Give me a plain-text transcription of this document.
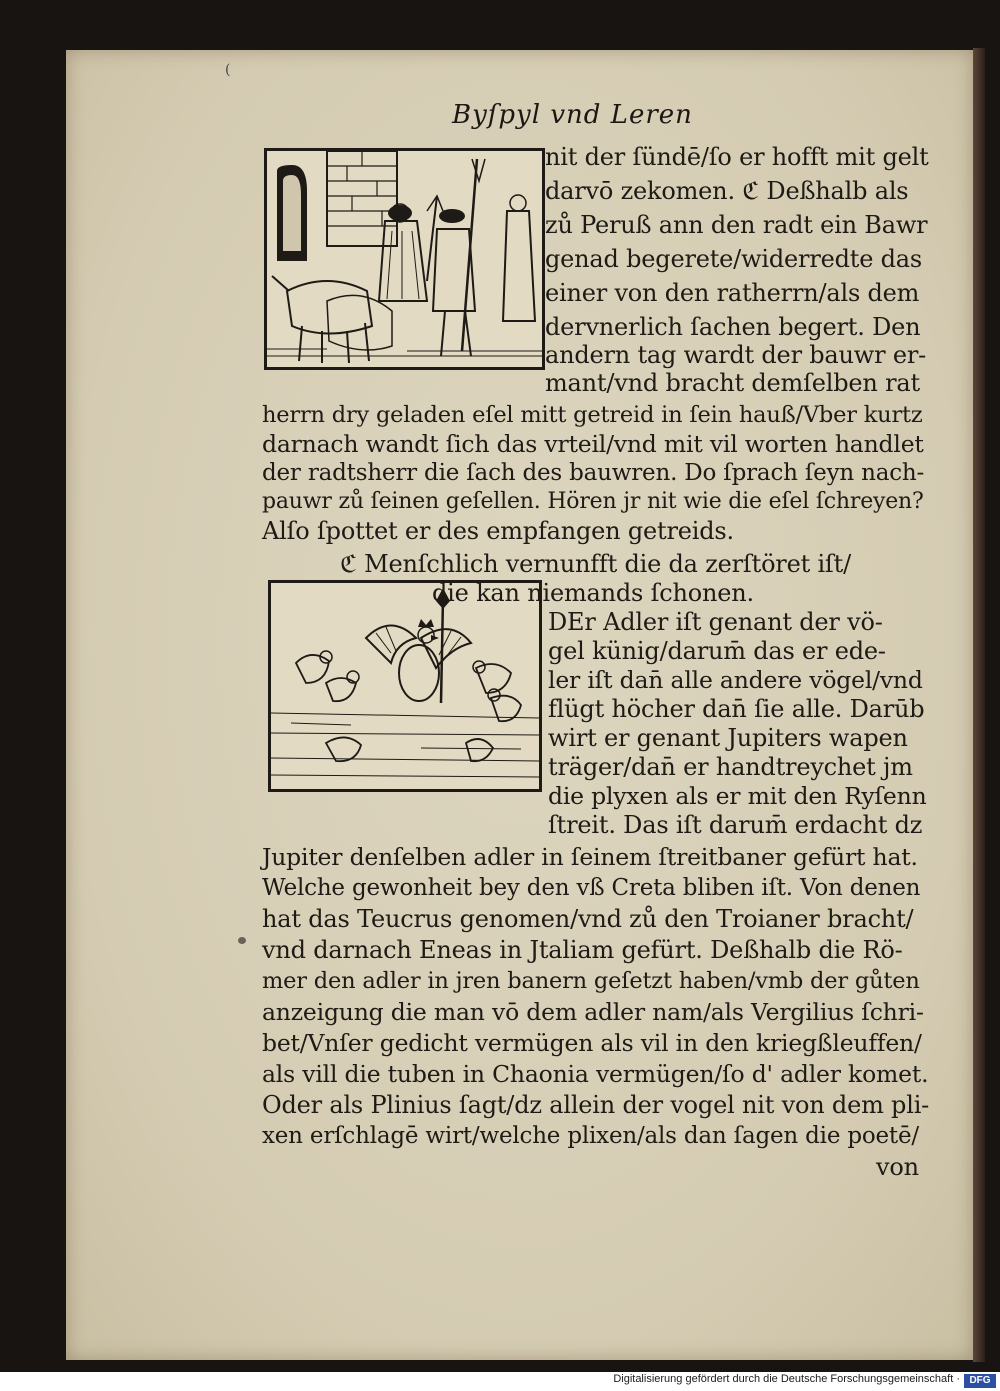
(
Byſpyl vnd Leren
nit der ſündē/ſo er hofft mit gelt
darvō zekomen. ℭ Deßhalb als
zů Peruß ann den radt ein Bawr
genad begerete/widerredte das
einer von den ratherrn/als dem
dervnerlich ſachen begert. Den
andern tag wardt der bauwr er-
mant/vnd bracht demſelben rat
herrn dry geladen eſel mitt getreid in ſein hauß/Vber kurtz
darnach wandt ſich das vrteil/vnd mit vil worten handlet
der radtsherr die ſach des bauwren. Do ſprach ſeyn nach-
pauwr zů ſeinen geſellen. Hören jr nit wie die eſel ſchreyen?
Alſo ſpottet er des empfangen getreids.
ℭ Menſchlich vernunfft die da zerſtöret iſt/
die kan niemands ſchonen.
DEr Adler iſt genant der vö-
gel künig/darum̄ das er ede-
ler iſt dan̄ alle andere vögel/vnd
flügt höcher dan̄ ſie alle. Darūb
wirt er genant Jupiters wapen
träger/dan̄ er handtreychet jm
die plyxen als er mit den Ryſenn
ſtreit. Das iſt darum̄ erdacht dz
Jupiter denſelben adler in ſeinem ſtreitbaner gefürt hat.
Welche gewonheit bey den vß Creta bliben iſt. Von denen
hat das Teucrus genomen/vnd zů den Troianer bracht/
vnd darnach Eneas in Jtaliam gefürt. Deßhalb die Rö-
mer den adler in jren banern geſetzt haben/vmb der gůten
anzeigung die man vō dem adler nam/als Vergilius ſchri-
bet/Vnſer gedicht vermügen als vil in den kriegßleuffen/
als vill die tuben in Chaonia vermügen/ſo d' adler komet.
Oder als Plinius ſagt/dz allein der vogel nit von dem pli-
xen erſchlagē wirt/welche plixen/als dan ſagen die poetē/
von
Digitalisierung gefördert durch die Deutsche Forschungsgemeinschaft · DFG
